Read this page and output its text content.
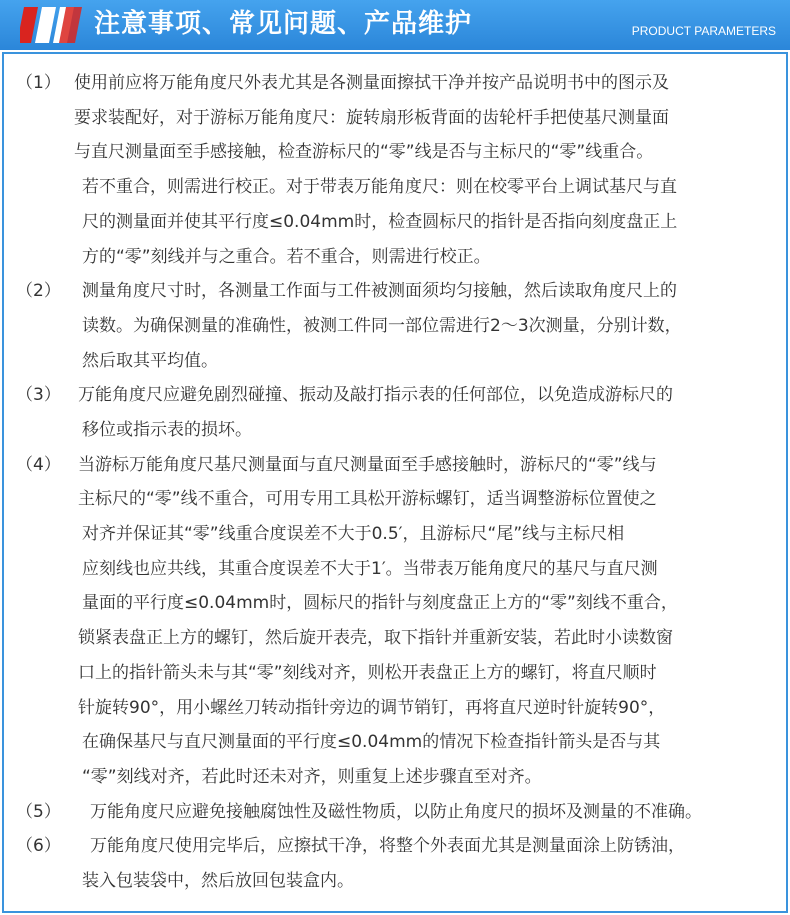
注意事项、常见问题、产品维护	PRODUCT PARAMETERS
（1） 使用前应将万能角度尺外表尤其是各测量面擦拭干净并按产品说明书中的图示及
要求装配好，对于游标万能角度尺：旋转扇形板背面的齿轮杆手把使基尺测量面
与直尺测量面至手感接触，检查游标尺的“零”线是否与主标尺的“零”线重合。
若不重合，则需进行校正。对于带表万能角度尺：则在校零平台上调试基尺与直
尺的测量面并使其平行度≤0.04mm时，检查圆标尺的指针是否指向刻度盘正上
方的“零”刻线并与之重合。若不重合，则需进行校正。
（2） 测量角度尺寸时，各测量工作面与工件被测面须均匀接触，然后读取角度尺上的
读数。为确保测量的准确性，被测工件同一部位需进行2～3次测量，分别计数，
然后取其平均值。
（3） 万能角度尺应避免剧烈碰撞、振动及敲打指示表的任何部位，以免造成游标尺的
移位或指示表的损坏。
（4） 当游标万能角度尺基尺测量面与直尺测量面至手感接触时，游标尺的“零”线与
主标尺的“零”线不重合，可用专用工具松开游标螺钉，适当调整游标位置使之
对齐并保证其“零”线重合度误差不大于0.5′，且游标尺“尾”线与主标尺相
应刻线也应共线，其重合度误差不大于1′。当带表万能角度尺的基尺与直尺测
量面的平行度≤0.04mm时，圆标尺的指针与刻度盘正上方的“零”刻线不重合，
锁紧表盘正上方的螺钉，然后旋开表壳，取下指针并重新安装，若此时小读数窗
口上的指针箭头未与其“零”刻线对齐，则松开表盘正上方的螺钉，将直尺顺时
针旋转90°，用小螺丝刀转动指针旁边的调节销钉，再将直尺逆时针旋转90°，
在确保基尺与直尺测量面的平行度≤0.04mm的情况下检查指针箭头是否与其
“零”刻线对齐，若此时还未对齐，则重复上述步骤直至对齐。
（5） 万能角度尺应避免接触腐蚀性及磁性物质，以防止角度尺的损坏及测量的不准确。
（6） 万能角度尺使用完毕后，应擦拭干净，将整个外表面尤其是测量面涂上防锈油，
装入包装袋中，然后放回包装盒内。
